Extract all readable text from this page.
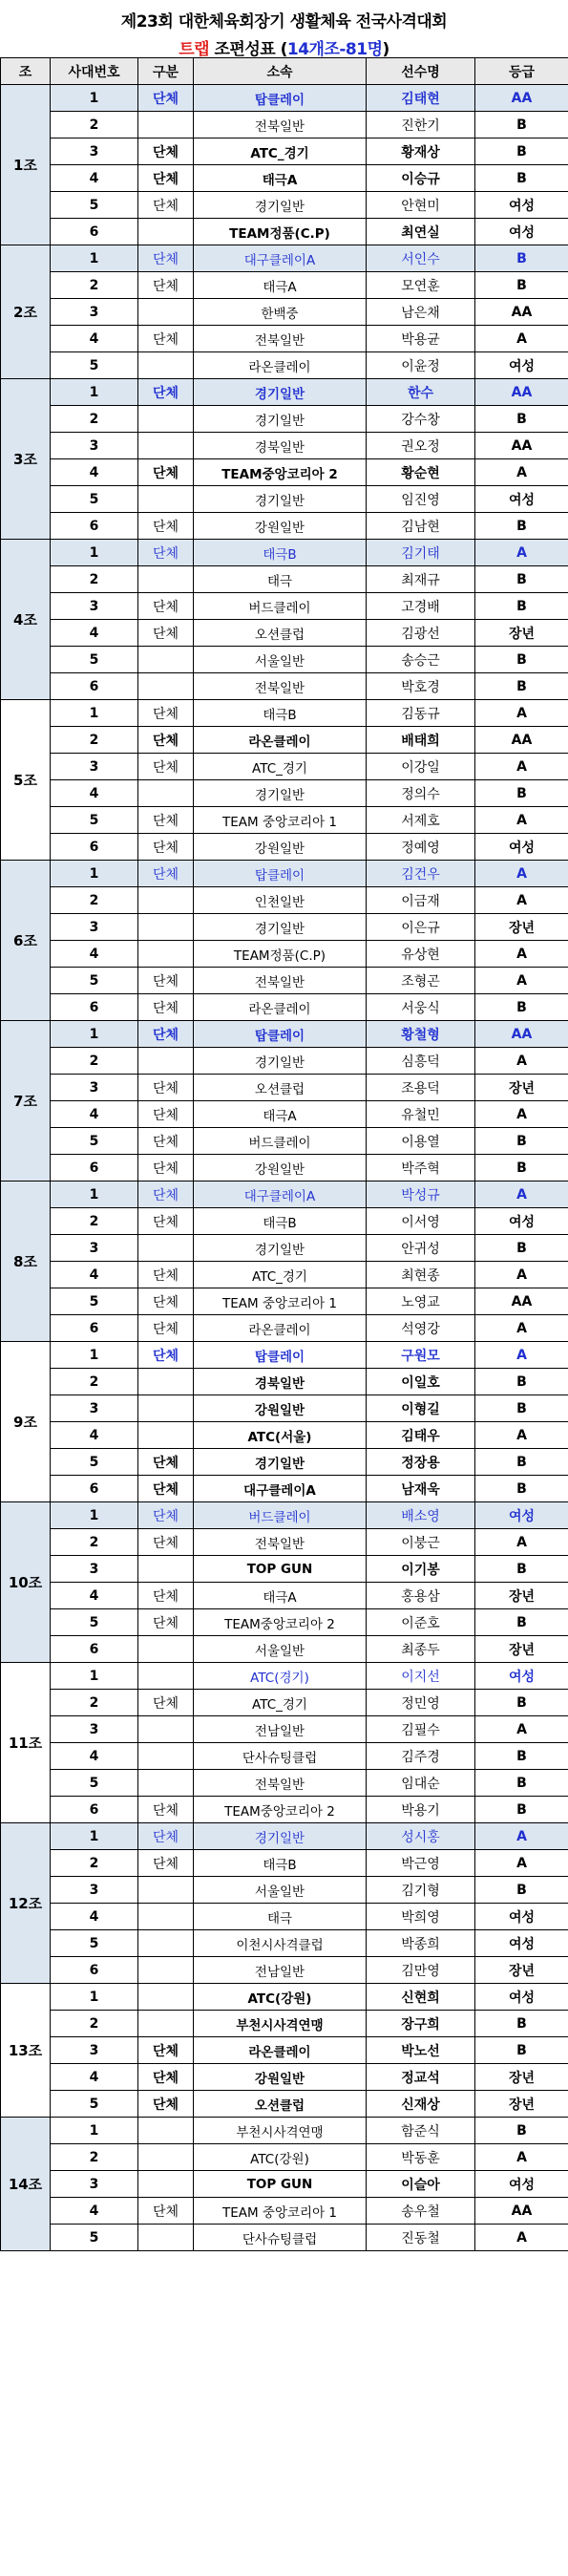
제23회 대한체육회장기 생활체육 전국사격대회
트랩 조편성표 (14개조-81명)
조	사대번호	구분	소속	선수명	등급
1조	1	단체	탑클레이	김태현	AA
	2		전북일반	진한기	B
	3	단체	ATC_경기	황재상	B
	4	단체	태극A	이승규	B
	5	단체	경기일반	안현미	여성
	6		TEAM정품(C.P)	최연실	여성
2조	1	단체	대구클레이A	서인수	B
	2	단체	태극A	모연훈	B
	3		한백중	남은채	AA
	4	단체	전북일반	박용균	A
	5		라온클레이	이윤정	여성
3조	1	단체	경기일반	한수	AA
	2		경기일반	강수창	B
	3		경북일반	권오정	AA
	4	단체	TEAM중앙코리아 2	황순현	A
	5		경기일반	임진영	여성
	6	단체	강원일반	김남현	B
4조	1	단체	태극B	김기태	A
	2		태극	최재규	B
	3	단체	버드클레이	고경배	B
	4	단체	오션클럽	김광선	장년
	5		서울일반	송승근	B
	6		전북일반	박호경	B
5조	1	단체	태극B	김동규	A
	2	단체	라온클레이	배태희	AA
	3	단체	ATC_경기	이강일	A
	4		경기일반	정의수	B
	5	단체	TEAM 중앙코리아 1	서제호	A
	6	단체	강원일반	정예영	여성
6조	1	단체	탑클레이	김건우	A
	2		인천일반	이금재	A
	3		경기일반	이은규	장년
	4		TEAM정품(C.P)	유상현	A
	5	단체	전북일반	조형곤	A
	6	단체	라온클레이	서웅식	B
7조	1	단체	탑클레이	황철형	AA
	2		경기일반	심흥덕	A
	3	단체	오션클럽	조용덕	장년
	4	단체	태극A	유철민	A
	5	단체	버드클레이	이용열	B
	6	단체	강원일반	박주혁	B
8조	1	단체	대구클레이A	박성규	A
	2	단체	태극B	이서영	여성
	3		경기일반	안귀성	B
	4	단체	ATC_경기	최현종	A
	5	단체	TEAM 중앙코리아 1	노영교	AA
	6	단체	라온클레이	석영강	A
9조	1	단체	탑클레이	구원모	A
	2		경북일반	이일호	B
	3		강원일반	이형길	B
	4		ATC(서울)	김태우	A
	5	단체	경기일반	정장용	B
	6	단체	대구클레이A	남재욱	B
10조	1	단체	버드클레이	배소영	여성
	2	단체	전북일반	이붕근	A
	3		TOP GUN	이기봉	B
	4	단체	태극A	홍용삼	장년
	5	단체	TEAM중앙코리아 2	이준호	B
	6		서울일반	최종두	장년
11조	1		ATC(경기)	이지선	여성
	2	단체	ATC_경기	정민영	B
	3		전남일반	김필수	A
	4		단사슈팅클럽	김주경	B
	5		전북일반	임대순	B
	6	단체	TEAM중앙코리아 2	박용기	B
12조	1	단체	경기일반	성시홍	A
	2	단체	태극B	박근영	A
	3		서울일반	김기형	B
	4		태극	박희영	여성
	5		이천시사격클럽	박종희	여성
	6		전남일반	김만영	장년
13조	1		ATC(강원)	신현희	여성
	2		부천시사격연맹	장구희	B
	3	단체	라온클레이	박노선	B
	4	단체	강원일반	정교석	장년
	5	단체	오션클럽	신재상	장년
14조	1		부천시사격연맹	함준식	B
	2		ATC(강원)	박동훈	A
	3		TOP GUN	이슬아	여성
	4	단체	TEAM 중앙코리아 1	송우철	AA
	5		단사슈팅클럽	진동철	A
